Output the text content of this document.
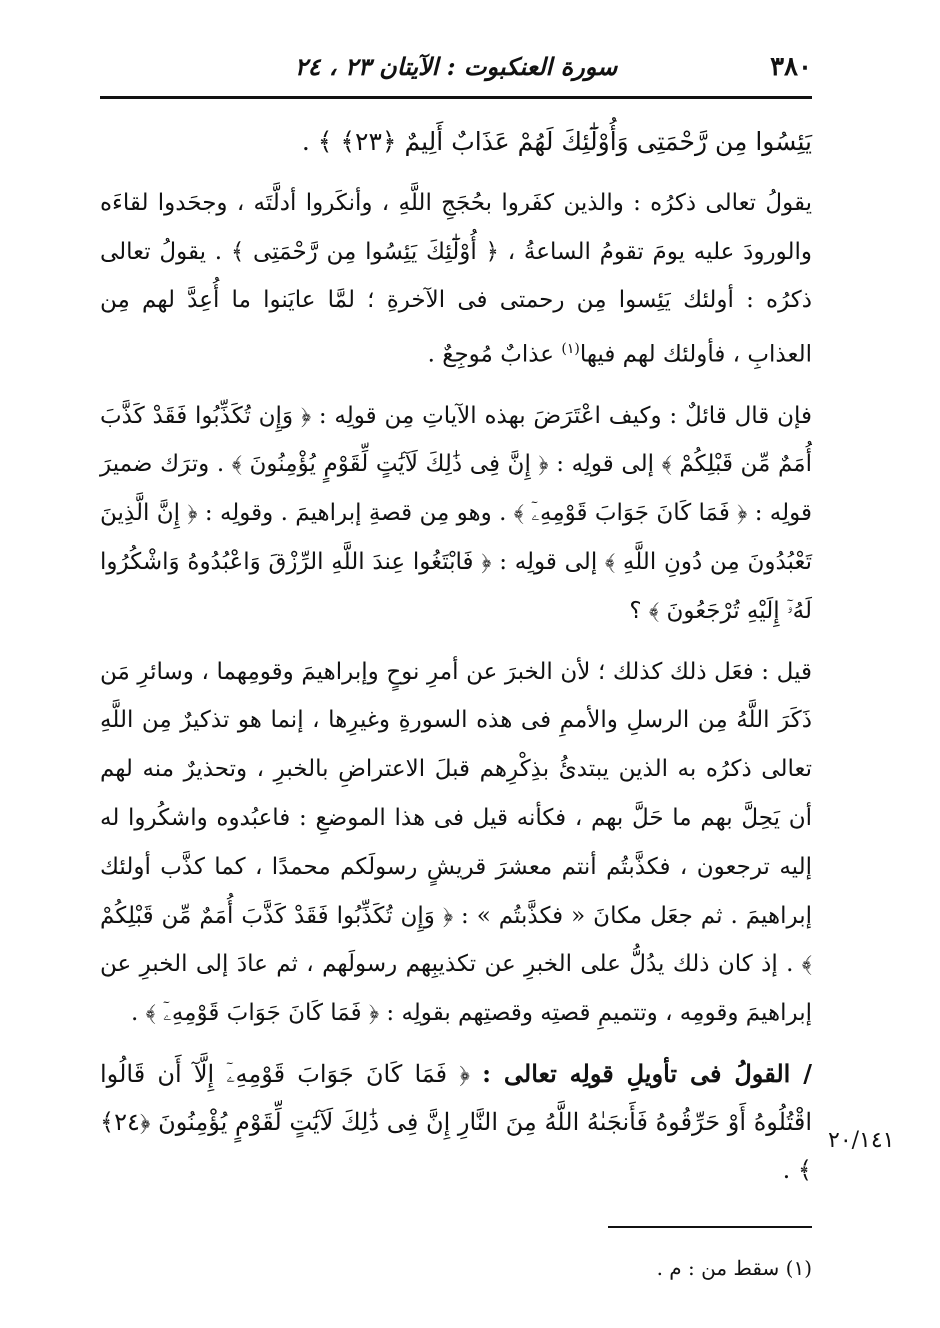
٣٨٠
سورة العنكبوت : الآيتان ٢٣ ، ٢٤

يَئِسُوا مِن رَّحْمَتِى وَأُوْلَٰٓئِكَ لَهُمْ عَذَابٌ أَلِيمٌ ﴿٢٣﴾ ﴾ .

يقولُ تعالى ذكرُه : والذين كفَروا بحُجَجِ اللَّهِ ، وأنكَروا أدلَّتَه ، وجحَدوا لقاءَه والورودَ عليه يومَ تقومُ الساعةُ ، ﴿ أُوْلَٰٓئِكَ يَئِسُوا مِن رَّحْمَتِى ﴾ . يقولُ تعالى ذكرُه : أولئك يَئِسوا مِن رحمتى فى الآخرةِ ؛ لمَّا عايَنوا ما أُعِدَّ لهم مِن العذابِ ، فأولئك لهم فيها$^{(١)}$ عذابٌ مُوجِعٌ .

فإن قال قائلٌ : وكيف اعْتَرَضَ بهذه الآياتِ مِن قولِه : ﴿ وَإِن تُكَذِّبُوا فَقَدْ كَذَّبَ أُمَمٌ مِّن قَبْلِكُمْ ﴾ إلى قولِه : ﴿ إِنَّ فِى ذَٰلِكَ لَآيَٰتٍ لِّقَوْمٍ يُؤْمِنُونَ ﴾ . وترَك ضميرَ قولِه : ﴿ فَمَا كَانَ جَوَابَ قَوْمِهِۦٓ ﴾ . وهو مِن قصةِ إبراهيمَ . وقولِه : ﴿ إِنَّ الَّذِينَ تَعْبُدُونَ مِن دُونِ اللَّهِ ﴾ إلى قولِه : ﴿ فَابْتَغُوا عِندَ اللَّهِ الرِّزْقَ وَاعْبُدُوهُ وَاشْكُرُوا لَهُۥٓ إِلَيْهِ تُرْجَعُونَ ﴾ ؟

قيل : فعَل ذلك كذلك ؛ لأن الخبرَ عن أمرِ نوحٍ وإبراهيمَ وقومِهما ، وسائرِ مَن ذَكَرَ اللَّهُ مِن الرسلِ والأممِ فى هذه السورةِ وغيرِها ، إنما هو تذكيرٌ مِن اللَّهِ تعالى ذكرُه به الذين يبتدئُ بذِكْرِهم قبلَ الاعتراضِ بالخبرِ ، وتحذيرٌ منه لهم أن يَحِلَّ بهم ما حَلَّ بهم ، فكأنه قيل فى هذا الموضعِ : فاعبُدوه واشكُروا له إليه ترجعون ، فكذَّبتُم أنتم معشرَ قريشٍ رسولَكم محمدًا ، كما كذَّب أولئك إبراهيمَ . ثم جعَل مكانَ « فكذَّبتُم » : ﴿ وَإِن تُكَذِّبُوا فَقَدْ كَذَّبَ أُمَمٌ مِّن قَبْلِكُمْ ﴾ . إذ كان ذلك يدُلُّ على الخبرِ عن تكذيبِهم رسولَهم ، ثم عادَ إلى الخبرِ عن إبراهيمَ وقومِه ، وتتميمِ قصتِه وقصتِهم بقولِه : ﴿ فَمَا كَانَ جَوَابَ قَوْمِهِۦٓ ﴾ .

/ القولُ فى تأويلِ قولِه تعالى : ﴿ فَمَا كَانَ جَوَابَ قَوْمِهِۦٓ إِلَّآ أَن قَالُوا اقْتُلُوهُ أَوْ حَرِّقُوهُ فَأَنجَىٰهُ اللَّهُ مِنَ النَّارِ إِنَّ فِى ذَٰلِكَ لَآيَٰتٍ لِّقَوْمٍ يُؤْمِنُونَ ﴿٢٤﴾ ﴾ .

٢٠/١٤١
(١) سقط من : م .
